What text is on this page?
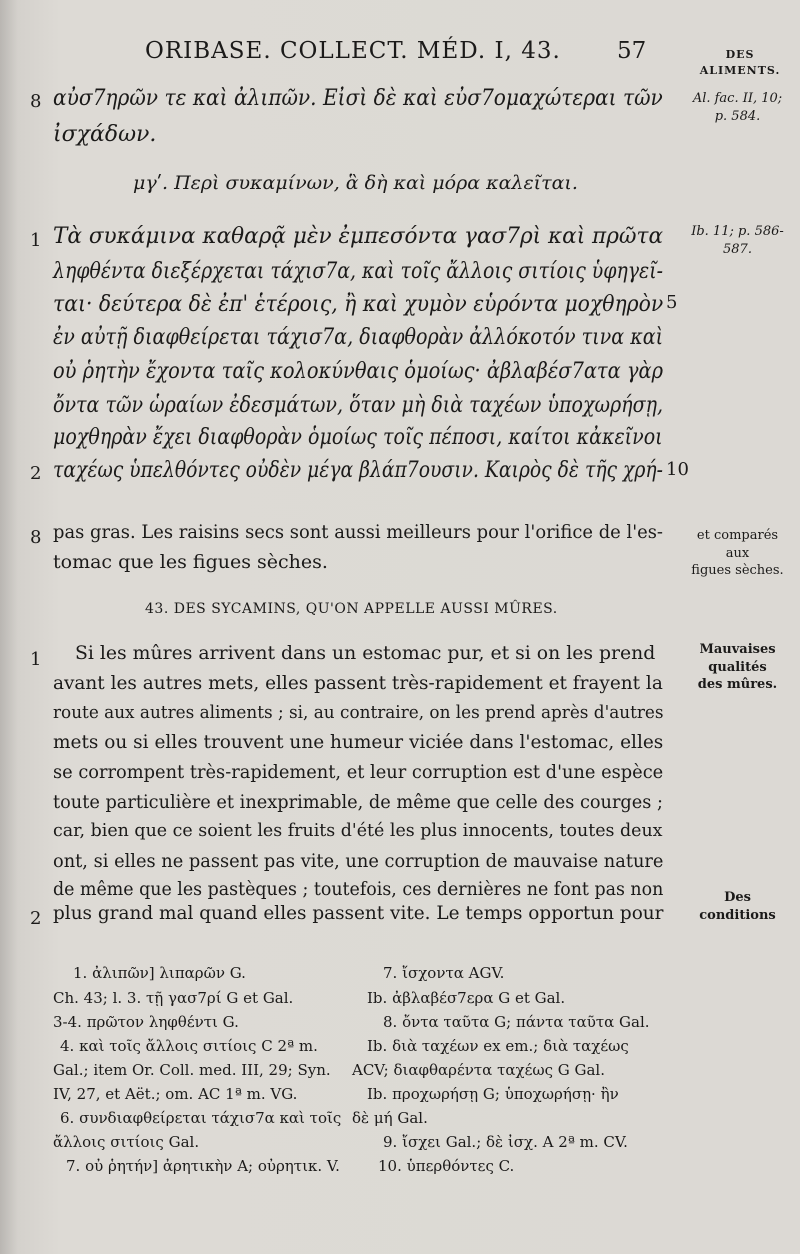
ORIBASE. COLLECT. MÉD. I, 43. 57	DES ALIMENTS.
8 αὐσ7ηρῶν τε καὶ ἀλιπῶν. Εἰσὶ δὲ καὶ εὐσ7ομαχώτεραι τῶν
ἰσχάδων.
Al. fac. II, 10;
p. 584.
μγʹ. Περὶ συκαμίνων, ἃ δὴ καὶ μόρα καλεῖται.
1	Ib. 11; p. 586-
587.
Τὰ συκάμινα καθαρᾷ μὲν ἐμπεσόντα γασ7ρὶ καὶ πρῶτα
ληφθέντα διεξέρχεται τάχισ7α, καὶ τοῖς ἄλλοις σιτίοις ὑφηγεῖ-
ται· δεύτερα δὲ ἐπ' ἑτέροις, ἢ καὶ χυμὸν εὑρόντα μοχθηρὸν 5
ἐν αὐτῇ διαφθείρεται τάχισ7α, διαφθορὰν ἀλλόκοτόν τινα καὶ
οὐ ῥητὴν ἔχοντα ταῖς κολοκύνθαις ὁμοίως· ἀβλαβέσ7ατα γὰρ
ὄντα τῶν ὡραίων ἐδεσμάτων, ὅταν μὴ διὰ ταχέων ὑποχωρήσῃ,
μοχθηρὰν ἔχει διαφθορὰν ὁμοίως τοῖς πέποσι, καίτοι κἀκεῖνοι
2 ταχέως ὑπελθόντες οὐδὲν μέγα βλάπ7ουσιν. Καιρὸς δὲ τῆς χρή- 10
8 pas gras. Les raisins secs sont aussi meilleurs pour l'orifice de l'es-
tomac que les figues sèches.
et comparés
aux
figues sèches.
43. DES SYCAMINS, QU'ON APPELLE AUSSI MÛRES.
1	Mauvaises
qualités
des mûres.
Si les mûres arrivent dans un estomac pur, et si on les prend
avant les autres mets, elles passent très-rapidement et frayent la
route aux autres aliments ; si, au contraire, on les prend après d'autres
mets ou si elles trouvent une humeur viciée dans l'estomac, elles
se corrompent très-rapidement, et leur corruption est d'une espèce
toute particulière et inexprimable, de même que celle des courges ;
car, bien que ce soient les fruits d'été les plus innocents, toutes deux
ont, si elles ne passent pas vite, une corruption de mauvaise nature
de même que les pastèques ; toutefois, ces dernières ne font pas non
2 plus grand mal quand elles passent vite. Le temps opportun pour
Des
conditions
1. ἀλιπῶν] λιπαρῶν G.
Ch. 43; l. 3. τῇ γασ7ρί G et Gal.
3-4. πρῶτον ληφθέντι G.
4. καὶ τοῖς ἄλλοις σιτίοις C 2ª m.
Gal.; item Or. Coll. med. III, 29; Syn.
IV, 27, et Aët.; om. AC 1ª m. VG.
6. συνδιαφθείρεται τάχισ7α καὶ τοῖς
ἄλλοις σιτίοις Gal.
7. οὐ ῥητήν] ἀρητικὴν A; οὐρητικ. V.
7. ἴσχοντα AGV.
Ib. ἀβλαβέσ7ερα G et Gal.
8. ὄντα ταῦτα G; πάντα ταῦτα Gal.
Ib. διὰ ταχέων ex em.; διὰ ταχέως
ACV; διαφθαρέντα ταχέως G Gal.
Ib. προχωρήσῃ G; ὑποχωρήσῃ· ἢν
δὲ μή Gal.
9. ἴσχει Gal.; δὲ ἰσχ. A 2ª m. CV.
10. ὑπερθόντες C.
